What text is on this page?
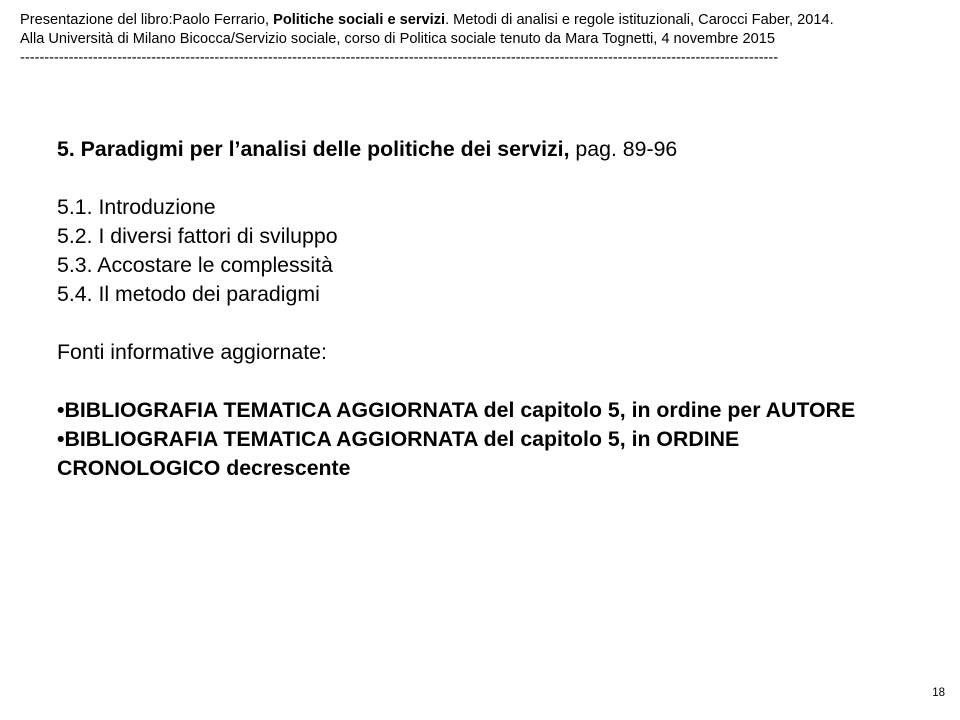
Presentazione del libro:Paolo Ferrario, Politiche sociali e servizi. Metodi di analisi e regole istituzionali, Carocci Faber, 2014.
Alla Università di Milano Bicocca/Servizio sociale, corso di Politica sociale tenuto da Mara Tognetti, 4 novembre 2015
------------------------------------------------------------------------------------------------------------------------------------------------------------

5. Paradigmi per l’analisi delle politiche dei servizi, pag. 89-96

5.1. Introduzione

5.2. I diversi fattori di sviluppo

5.3. Accostare le complessità

5.4. Il metodo dei paradigmi

Fonti informative aggiornate:

•BIBLIOGRAFIA TEMATICA AGGIORNATA del capitolo 5, in ordine per AUTORE

•BIBLIOGRAFIA TEMATICA AGGIORNATA del capitolo 5, in ORDINE CRONOLOGICO decrescente

18
